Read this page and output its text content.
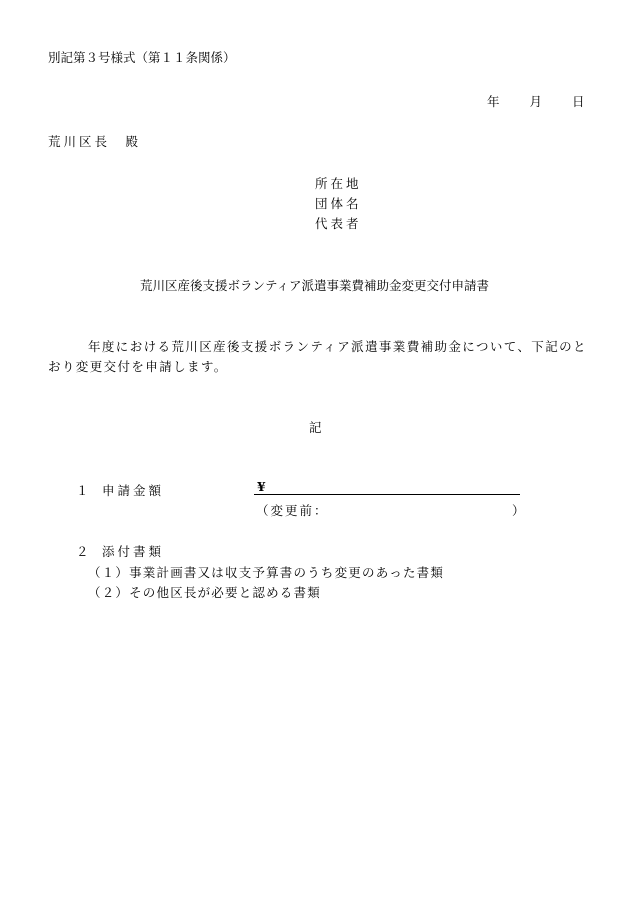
別記第３号様式（第１１条関係）
年 月 日
荒川区長　殿
所在地
団体名
代表者
荒川区産後支援ボランティア派遣事業費補助金変更交付申請書
年度における荒川区産後支援ボランティア派遣事業費補助金について、下記のと
おり変更交付を申請します。
記
１ 申請金額	¥
（変更前：	）
２ 添付書類
（１）事業計画書又は収支予算書のうち変更のあった書類
（２）その他区長が必要と認める書類
